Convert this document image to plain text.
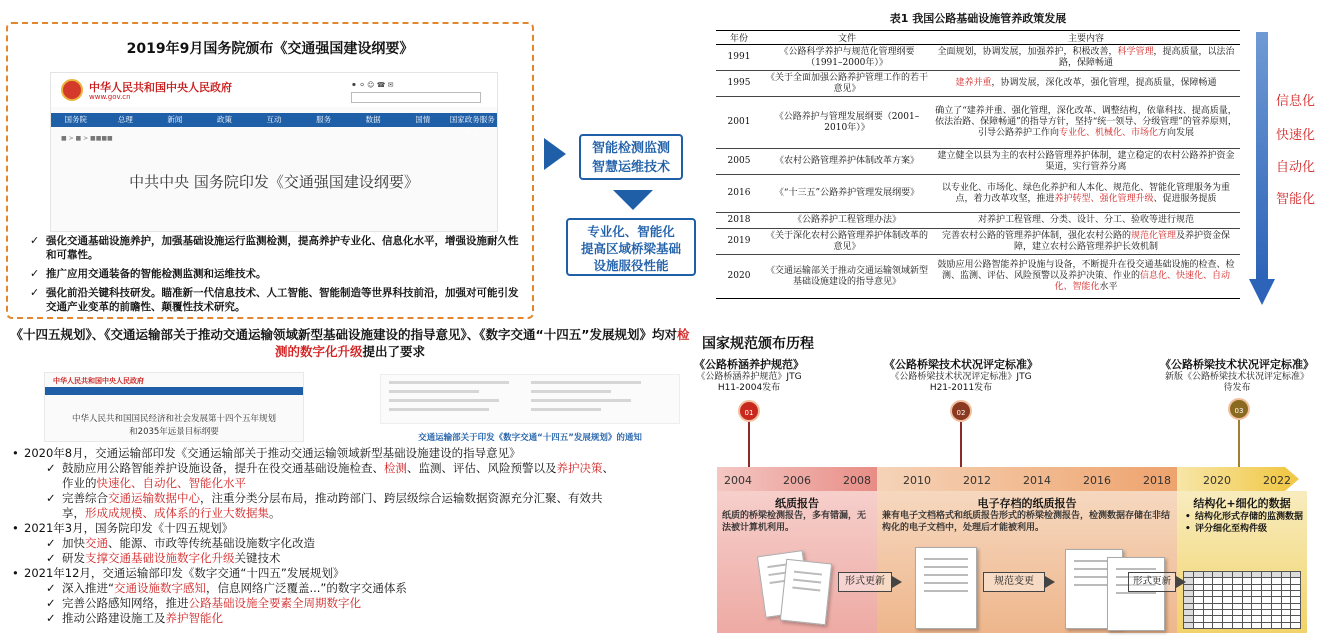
2019年9月国务院颁布《交通强国建设纲要》
中华人民共和国中央人民政府
www.gov.cn
⚫ ⚪ ☺ ☎ ✉
国务院	总理	新闻	政策	互动	服务	数据	国情	国家政务服务平台
■ > ■ > ■■■■
中共中央 国务院印发《交通强国建设纲要》
✓ 强化交通基础设施养护，加强基础设施运行监测检测，提高养护专业化、信息化水平，增强设施耐久性和可靠性。
✓ 推广应用交通装备的智能检测监测和运维技术。
✓ 强化前沿关键科技研发。瞄准新一代信息技术、人工智能、智能制造等世界科技前沿，加强对可能引发交通产业变革的前瞻性、颠覆性技术研究。
智能检测监测
智慧运维技术
专业化、智能化
提高区域桥梁基础
设施服役性能
表1 我国公路基础设施管养政策发展
年份	文件	主要内容
1991	《公路科学养护与规范化管理纲要（1991–2000年）》	全面规划，协调发展，加强养护，积极改善，科学管理，提高质量，以法治路，保障畅通
1995	《关于全面加强公路养护管理工作的若干意见》	建养并重，协调发展，深化改革，强化管理，提高质量，保障畅通
2001	《公路养护与管理发展纲要（2001–2010年）》	确立了“建养并重、强化管理，深化改革、调整结构，依靠科技、提高质量，依法治路、保障畅通”的指导方针，坚持“统一领导、分级管理”的管养原则，引导公路养护工作向专业化、机械化、市场化方向发展
2005	《农村公路管理养护体制改革方案》	建立健全以县为主的农村公路管理养护体制，建立稳定的农村公路养护资金渠道，实行管养分离
2016	《“十三五”公路养护管理发展纲要》	以专业化、市场化、绿色化养护和人本化、规范化、智能化管理服务为重点，着力改革攻坚，推进养护转型、强化管理升级、促进服务提质
2018	《公路养护工程管理办法》	对养护工程管理、分类、设计、分工、验收等进行规范
2019	《关于深化农村公路管理养护体制改革的意见》	完善农村公路的管理养护体制，强化农村公路的规范化管理及养护资金保障，建立农村公路管理养护长效机制
2020	《交通运输部关于推动交通运输领域新型基础设施建设的指导意见》	鼓励应用公路智能养护设施与设备，不断提升在役交通基础设施的检查、检测、监测、评估、风险预警以及养护决策、作业的信息化、快速化、自动化、智能化水平
信息化
快速化
自动化
智能化
《十四五规划》、《交通运输部关于推动交通运输领域新型基础设施建设的指导意见》、《数字交通“十四五”发展规划》均对检测的数字化升级提出了要求
中华人民共和国中央人民政府
中华人民共和国国民经济和社会发展第十四个五年规划
和2035年远景目标纲要
交通运输部关于印发《数字交通“十四五”发展规划》的通知
• 2020年8月，交通运输部印发《交通运输部关于推动交通运输领域新型基础设施建设的指导意见》
✓ 鼓励应用公路智能养护设施设备，提升在役交通基础设施检查、检测、监测、评估、风险预警以及养护决策、
作业的快速化、自动化、智能化水平
✓ 完善综合交通运输数据中心，注重分类分层布局，推动跨部门、跨层级综合运输数据资源充分汇聚、有效共
享，形成成规模、成体系的行业大数据集。
• 2021年3月，国务院印发《十四五规划》
✓ 加快交通、能源、市政等传统基础设施数字化改造
✓ 研发支撑交通基础设施数字化升级关键技术
• 2021年12月，交通运输部印发《数字交通“十四五”发展规划》
✓ 深入推进“交通设施数字感知，信息网络广泛覆盖...”的数字交通体系
✓ 完善公路感知网络，推进公路基础设施全要素全周期数字化
✓ 推动公路建设施工及养护智能化
国家规范颁布历程
《公路桥涵养护规范》
《公路桥涵养护规范》JTG
H11-2004发布
01
《公路桥梁技术状况评定标准》
《公路桥梁技术状况评定标准》JTG
H21-2011发布
02
《公路桥梁技术状况评定标准》
新版《公路桥梁技术状况评定标准》
待发布
03
2004	2006	2008	2010	2012	2014	2016	2018	2020	2022
纸质报告
纸质的桥梁检测报告，多有错漏，无法被计算机利用。
电子存档的纸质报告
兼有电子文档格式和纸质报告形式的桥梁检测报告，检测数据存储在非结构化的电子文档中，处理后才能被利用。
结构化+细化的数据
• 结构化形式存储的监测数据
• 评分细化至构件级

形式更新	规范变更	形式更新
